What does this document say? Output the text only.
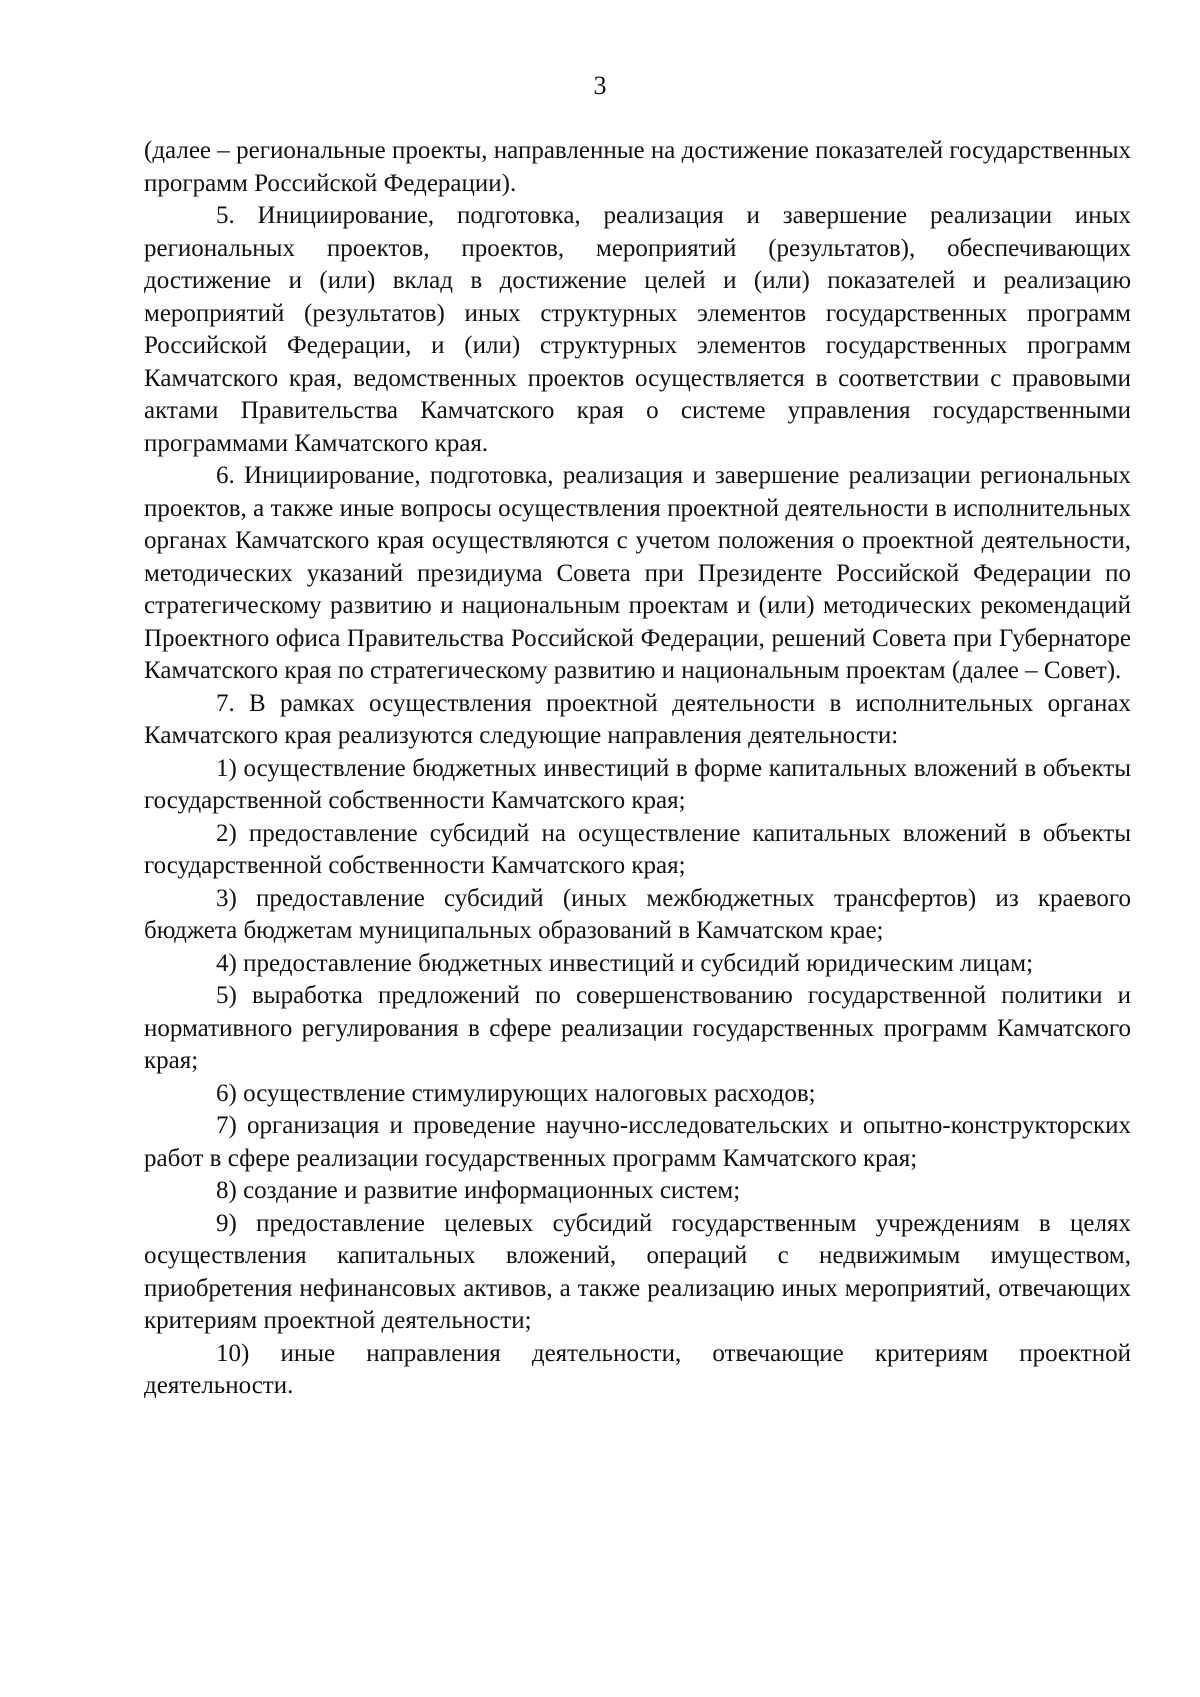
3

(далее – региональные проекты, направленные на достижение показателей государственных программ Российской Федерации).

5. Инициирование, подготовка, реализация и завершение реализации иных региональных проектов, проектов, мероприятий (результатов), обеспечивающих достижение и (или) вклад в достижение целей и (или) показателей и реализацию мероприятий (результатов) иных структурных элементов государственных программ Российской Федерации, и (или) структурных элементов государственных программ Камчатского края, ведомственных проектов осуществляется в соответствии с правовыми актами Правительства Камчатского края о системе управления государственными программами Камчатского края.

6. Инициирование, подготовка, реализация и завершение реализации региональных проектов, а также иные вопросы осуществления проектной деятельности в исполнительных органах Камчатского края осуществляются с учетом положения о проектной деятельности, методических указаний президиума Совета при Президенте Российской Федерации по стратегическому развитию и национальным проектам и (или) методических рекомендаций Проектного офиса Правительства Российской Федерации, решений Совета при Губернаторе Камчатского края по стратегическому развитию и национальным проектам (далее – Совет).

7. В рамках осуществления проектной деятельности в исполнительных органах Камчатского края реализуются следующие направления деятельности:

1) осуществление бюджетных инвестиций в форме капитальных вложений в объекты государственной собственности Камчатского края;

2) предоставление субсидий на осуществление капитальных вложений в объекты государственной собственности Камчатского края;

3) предоставление субсидий (иных межбюджетных трансфертов) из краевого бюджета бюджетам муниципальных образований в Камчатском крае;

4) предоставление бюджетных инвестиций и субсидий юридическим лицам;

5) выработка предложений по совершенствованию государственной политики и нормативного регулирования в сфере реализации государственных программ Камчатского края;

6) осуществление стимулирующих налоговых расходов;

7) организация и проведение научно-исследовательских и опытно-конструкторских работ в сфере реализации государственных программ Камчатского края;

8) создание и развитие информационных систем;

9) предоставление целевых субсидий государственным учреждениям в целях осуществления капитальных вложений, операций с недвижимым имуществом, приобретения нефинансовых активов, а также реализацию иных мероприятий, отвечающих критериям проектной деятельности;

10) иные направления деятельности, отвечающие критериям проектной деятельности.
